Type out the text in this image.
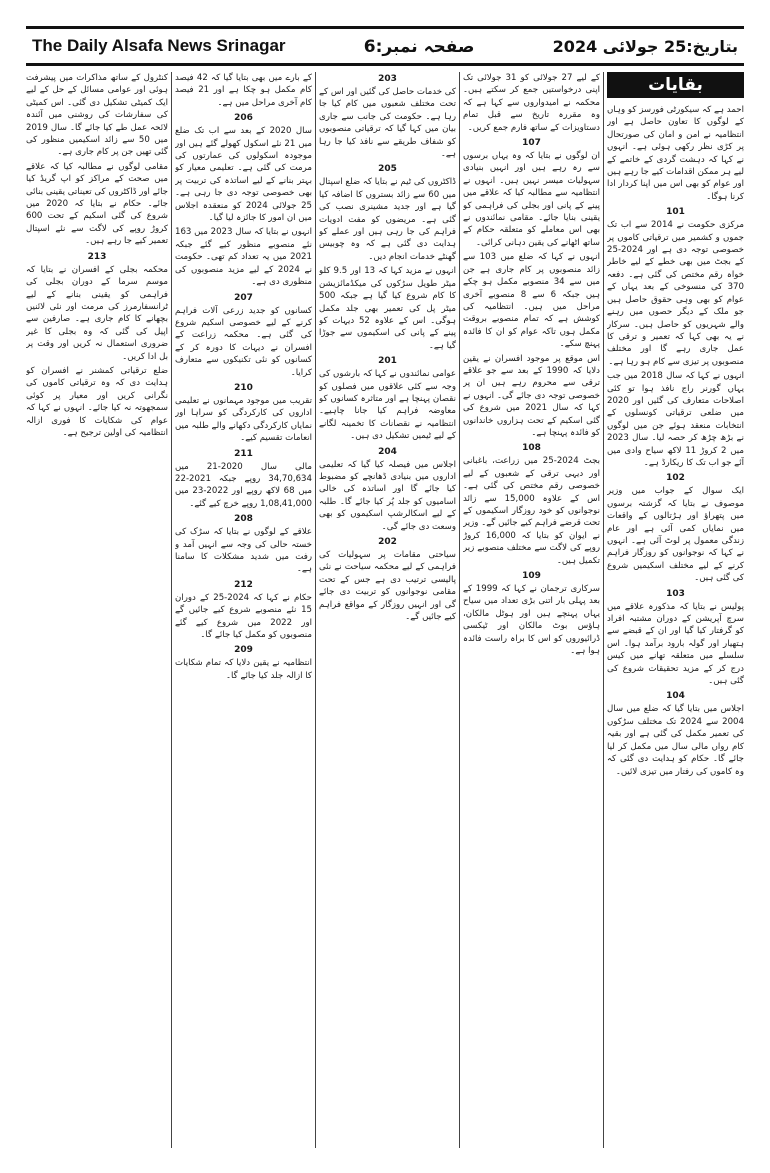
The Daily Alsafa News Srinagar	صفحہ نمبر:6	بتاریخ:25 جولائی 2024
بقایات
احمد ہے کہ سیکورٹی فورسز کو وہاں کے لوگوں کا تعاون حاصل ہے اور انتظامیہ نے امن و امان کی صورتحال پر کڑی نظر رکھی ہوئی ہے۔ انہوں نے کہا کہ دہشت گردی کے خاتمے کے لیے ہر ممکن اقدامات کیے جا رہے ہیں اور عوام کو بھی اس میں اپنا کردار ادا کرنا ہوگا۔
101
مرکزی حکومت نے 2014 سے اب تک جموں و کشمیر میں ترقیاتی کاموں پر خصوصی توجہ دی ہے اور 2024-25 کے بجٹ میں بھی خطے کے لیے خاطر خواہ رقم مختص کی گئی ہے۔ دفعہ 370 کی منسوخی کے بعد یہاں کے عوام کو بھی وہی حقوق حاصل ہیں جو ملک کے دیگر حصوں میں رہنے والے شہریوں کو حاصل ہیں۔ سرکار نے یہ بھی کہا کہ تعمیر و ترقی کا عمل جاری رہے گا اور مختلف منصوبوں پر تیزی سے کام ہو رہا ہے۔
انہوں نے کہا کہ سال 2018 میں جب یہاں گورنر راج نافذ ہوا تو کئی اصلاحات متعارف کی گئیں اور 2020 میں ضلعی ترقیاتی کونسلوں کے انتخابات منعقد ہوئے جن میں لوگوں نے بڑھ چڑھ کر حصہ لیا۔ سال 2023 میں 2 کروڑ 11 لاکھ سیاح وادی میں آئے جو اب تک کا ریکارڈ ہے۔
102
ایک سوال کے جواب میں وزیر موصوف نے بتایا کہ گزشتہ برسوں میں پتھراؤ اور ہڑتالوں کے واقعات میں نمایاں کمی آئی ہے اور عام زندگی معمول پر لوٹ آئی ہے۔ انہوں نے کہا کہ نوجوانوں کو روزگار فراہم کرنے کے لیے مختلف اسکیمیں شروع کی گئی ہیں۔
103
پولیس نے بتایا کہ مذکورہ علاقے میں سرچ آپریشن کے دوران مشتبہ افراد کو گرفتار کیا گیا اور ان کے قبضے سے ہتھیار اور گولہ بارود برآمد ہوا۔ اس سلسلے میں متعلقہ تھانے میں کیس درج کر کے مزید تحقیقات شروع کی گئی ہیں۔
104
اجلاس میں بتایا گیا کہ ضلع میں سال 2004 سے 2024 تک مختلف سڑکوں کی تعمیر مکمل کی گئی ہے اور بقیہ کام رواں مالی سال میں مکمل کر لیا جائے گا۔ حکام کو ہدایت دی گئی کہ وہ کاموں کی رفتار میں تیزی لائیں۔
کے لیے 27 جولائی کو 31 جولائی تک اپنی درخواستیں جمع کر سکتے ہیں۔ محکمہ نے امیدواروں سے کہا ہے کہ وہ مقررہ تاریخ سے قبل تمام دستاویزات کے ساتھ فارم جمع کریں۔
107
ان لوگوں نے بتایا کہ وہ یہاں برسوں سے رہ رہے ہیں اور انہیں بنیادی سہولیات میسر نہیں ہیں۔ انہوں نے انتظامیہ سے مطالبہ کیا کہ علاقے میں پینے کے پانی اور بجلی کی فراہمی کو یقینی بنایا جائے۔ مقامی نمائندوں نے بھی اس معاملے کو متعلقہ حکام کے ساتھ اٹھانے کی یقین دہانی کرائی۔
انہوں نے کہا کہ ضلع میں 103 سے زائد منصوبوں پر کام جاری ہے جن میں سے 34 منصوبے مکمل ہو چکے ہیں جبکہ 6 سے 8 منصوبے آخری مراحل میں ہیں۔ انتظامیہ کی کوشش ہے کہ تمام منصوبے بروقت مکمل ہوں تاکہ عوام کو ان کا فائدہ پہنچ سکے۔
اس موقع پر موجود افسران نے یقین دلایا کہ 1990 کے بعد سے جو علاقے ترقی سے محروم رہے ہیں ان پر خصوصی توجہ دی جائے گی۔ انہوں نے کہا کہ سال 2021 میں شروع کی گئی اسکیم کے تحت ہزاروں خاندانوں کو فائدہ پہنچا ہے۔
108
بجٹ 2024-25 میں زراعت، باغبانی اور دیہی ترقی کے شعبوں کے لیے خصوصی رقم مختص کی گئی ہے۔ اس کے علاوہ 15,000 سے زائد نوجوانوں کو خود روزگار اسکیموں کے تحت قرضے فراہم کیے جائیں گے۔ وزیر نے ایوان کو بتایا کہ 16,000 کروڑ روپے کی لاگت سے مختلف منصوبے زیر تکمیل ہیں۔
109
سرکاری ترجمان نے کہا کہ 1999 کے بعد پہلی بار اتنی بڑی تعداد میں سیاح یہاں پہنچے ہیں اور ہوٹل مالکان، ہاؤس بوٹ مالکان اور ٹیکسی ڈرائیوروں کو اس کا براہ راست فائدہ ہوا ہے۔
203
کی خدمات حاصل کی گئیں اور اس کے تحت مختلف شعبوں میں کام کیا جا رہا ہے۔ حکومت کی جانب سے جاری بیان میں کہا گیا کہ ترقیاتی منصوبوں کو شفاف طریقے سے نافذ کیا جا رہا ہے۔
205
ڈاکٹروں کی ٹیم نے بتایا کہ ضلع اسپتال میں 60 سے زائد بستروں کا اضافہ کیا گیا ہے اور جدید مشینری نصب کی گئی ہے۔ مریضوں کو مفت ادویات فراہم کی جا رہی ہیں اور عملے کو ہدایت دی گئی ہے کہ وہ چوبیس گھنٹے خدمات انجام دیں۔
انہوں نے مزید کہا کہ 13 اور 9.5 کلو میٹر طویل سڑکوں کی میکڈمائزیشن کا کام شروع کیا گیا ہے جبکہ 500 میٹر پل کی تعمیر بھی جلد مکمل ہوگی۔ اس کے علاوہ 52 دیہات کو پینے کے پانی کی اسکیموں سے جوڑا گیا ہے۔
201
عوامی نمائندوں نے کہا کہ بارشوں کی وجہ سے کئی علاقوں میں فصلوں کو نقصان پہنچا ہے اور متاثرہ کسانوں کو معاوضہ فراہم کیا جانا چاہیے۔ انتظامیہ نے نقصانات کا تخمینہ لگانے کے لیے ٹیمیں تشکیل دی ہیں۔
204
اجلاس میں فیصلہ کیا گیا کہ تعلیمی اداروں میں بنیادی ڈھانچے کو مضبوط کیا جائے گا اور اساتذہ کی خالی اسامیوں کو جلد پُر کیا جائے گا۔ طلبہ کے لیے اسکالرشپ اسکیموں کو بھی وسعت دی جائے گی۔
202
سیاحتی مقامات پر سہولیات کی فراہمی کے لیے محکمہ سیاحت نے نئی پالیسی ترتیب دی ہے جس کے تحت مقامی نوجوانوں کو تربیت دی جائے گی اور انہیں روزگار کے مواقع فراہم کیے جائیں گے۔
کے بارے میں بھی بتایا گیا کہ 42 فیصد کام مکمل ہو چکا ہے اور 21 فیصد کام آخری مراحل میں ہے۔
206
سال 2020 کے بعد سے اب تک ضلع میں 21 نئے اسکول کھولے گئے ہیں اور موجودہ اسکولوں کی عمارتوں کی مرمت کی گئی ہے۔ تعلیمی معیار کو بہتر بنانے کے لیے اساتذہ کی تربیت پر بھی خصوصی توجہ دی جا رہی ہے۔ 25 جولائی 2024 کو منعقدہ اجلاس میں ان امور کا جائزہ لیا گیا۔
انہوں نے بتایا کہ سال 2023 میں 163 نئے منصوبے منظور کیے گئے جبکہ 2021 میں یہ تعداد کم تھی۔ حکومت نے 2024 کے لیے مزید منصوبوں کی منظوری دی ہے۔
207
کسانوں کو جدید زرعی آلات فراہم کرنے کے لیے خصوصی اسکیم شروع کی گئی ہے۔ محکمہ زراعت کے افسران نے دیہات کا دورہ کر کے کسانوں کو نئی تکنیکوں سے متعارف کرایا۔
210
تقریب میں موجود مہمانوں نے تعلیمی اداروں کی کارکردگی کو سراہا اور نمایاں کارکردگی دکھانے والے طلبہ میں انعامات تقسیم کیے۔
211
مالی سال 2020-21 میں 34,70,634 روپے جبکہ 2021-22 میں 68 لاکھ روپے اور 2022-23 میں 1,08,41,000 روپے خرچ کیے گئے۔
208
علاقے کے لوگوں نے بتایا کہ سڑک کی خستہ حالی کی وجہ سے انہیں آمد و رفت میں شدید مشکلات کا سامنا ہے۔
212
حکام نے کہا کہ 2024-25 کے دوران 15 نئے منصوبے شروع کیے جائیں گے اور 2022 میں شروع کیے گئے منصوبوں کو مکمل کیا جائے گا۔
209
انتظامیہ نے یقین دلایا کہ تمام شکایات کا ازالہ جلد کیا جائے گا۔
کنٹرول کے ساتھ مذاکرات میں پیشرفت ہوئی اور عوامی مسائل کے حل کے لیے ایک کمیٹی تشکیل دی گئی۔ اس کمیٹی کی سفارشات کی روشنی میں آئندہ لائحہ عمل طے کیا جائے گا۔ سال 2019 میں 50 سے زائد اسکیمیں منظور کی گئی تھیں جن پر کام جاری ہے۔
مقامی لوگوں نے مطالبہ کیا کہ علاقے میں صحت کے مراکز کو اپ گریڈ کیا جائے اور ڈاکٹروں کی تعیناتی یقینی بنائی جائے۔ حکام نے بتایا کہ 2020 میں شروع کی گئی اسکیم کے تحت 600 کروڑ روپے کی لاگت سے نئے اسپتال تعمیر کیے جا رہے ہیں۔
213
محکمہ بجلی کے افسران نے بتایا کہ موسم سرما کے دوران بجلی کی فراہمی کو یقینی بنانے کے لیے ٹرانسفارمرز کی مرمت اور نئی لائنیں بچھانے کا کام جاری ہے۔ صارفین سے اپیل کی گئی کہ وہ بجلی کا غیر ضروری استعمال نہ کریں اور وقت پر بل ادا کریں۔
ضلع ترقیاتی کمشنر نے افسران کو ہدایت دی کہ وہ ترقیاتی کاموں کی نگرانی کریں اور معیار پر کوئی سمجھوتہ نہ کیا جائے۔ انہوں نے کہا کہ عوام کی شکایات کا فوری ازالہ انتظامیہ کی اولین ترجیح ہے۔
